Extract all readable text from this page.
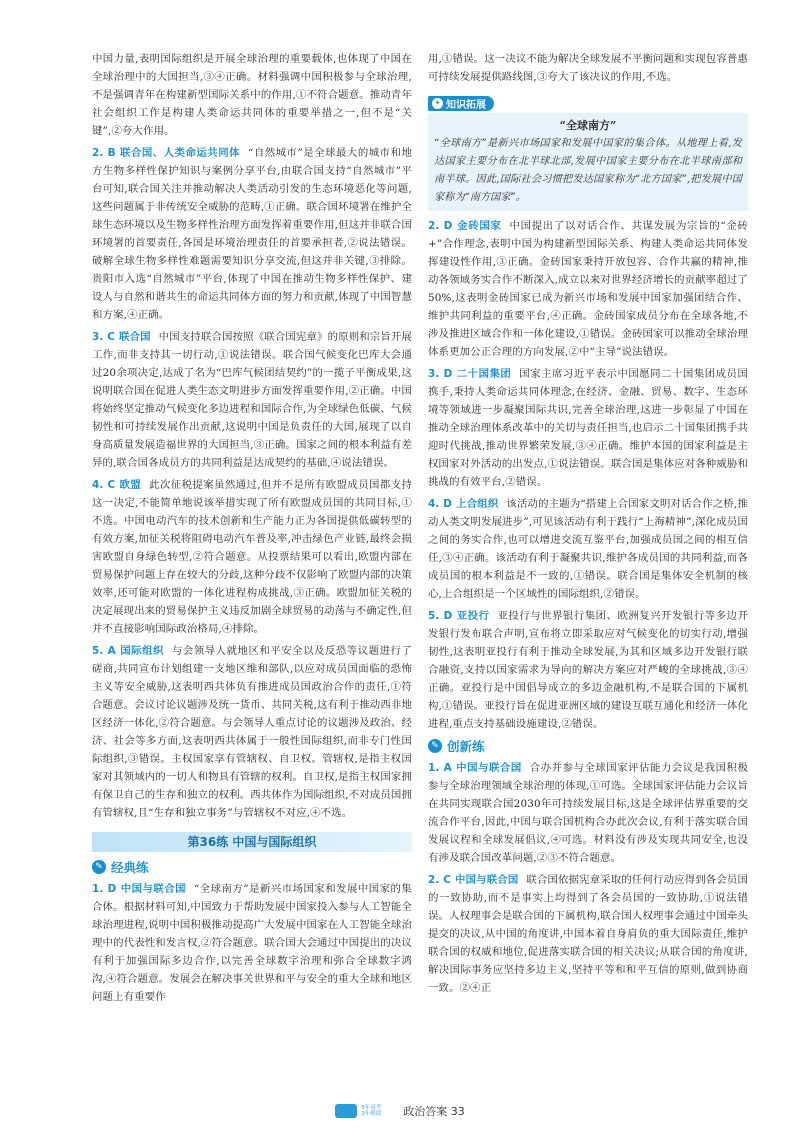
中国力量,表明国际组织是开展全球治理的重要载体,也体现了中国在全球治理中的大国担当,③④正确。材料强调中国积极参与全球治理,不是强调青年在构建新型国际关系中的作用,①不符合题意。推动青年社会组织工作是构建人类命运共同体的重要举措之一,但不是“关键”,②夸大作用。

2. B 联合国、人类命运共同体 “自然城市”是全球最大的城市和地方生物多样性保护知识与案例分享平台,由联合国支持“自然城市”平台可知,联合国关注并推动解决人类活动引发的生态环境恶化等问题,这些问题属于非传统安全威胁的范畴,①正确。联合国环境署在维护全球生态环境以及生物多样性治理方面发挥着重要作用,但这并非联合国环境署的首要责任,各国是环境治理责任的首要承担者,②说法错误。破解全球生物多样性难题需要知识分享交流,但这并非关键,③排除。贵阳市入选“自然城市”平台,体现了中国在推动生物多样性保护、建设人与自然和谐共生的命运共同体方面的努力和贡献,体现了中国智慧和方案,④正确。

3. C 联合国 中国支持联合国按照《联合国宪章》的原则和宗旨开展工作,而非支持其一切行动,①说法错误。联合国气候变化巴库大会通过20余项决定,达成了名为“巴库气候团结契约”的一揽子平衡成果,这说明联合国在促进人类生态文明进步方面发挥重要作用,②正确。中国将始终坚定推动气候变化多边进程和国际合作,为全球绿色低碳、气候韧性和可持续发展作出贡献,这说明中国是负责任的大国,展现了以自身高质量发展造福世界的大国担当,③正确。国家之间的根本利益有差异的,联合国各成员方的共同利益是达成契约的基础,④说法错误。

4. C 欧盟 此次征税提案虽然通过,但并不是所有欧盟成员国都支持这一决定,不能简单地说该举措实现了所有欧盟成员国的共同目标,①不选。中国电动汽车的技术创新和生产能力正为各国提供低碳转型的有效方案,加征关税将阻碍电动汽车普及率,冲击绿色产业链,最终会损害欧盟自身绿色转型,②符合题意。从投票结果可以看出,欧盟内部在贸易保护问题上存在较大的分歧,这种分歧不仅影响了欧盟内部的决策效率,还可能对欧盟的一体化进程构成挑战,③正确。欧盟加征关税的决定展现出来的贸易保护主义违反加剧全球贸易的动荡与不确定性,但并不直接影响国际政治格局,④排除。

5. A 国际组织 与会领导人就地区和平安全以及反恐等议题进行了磋商,共同宣布计划组建一支地区维和部队,以应对成员国面临的恐怖主义等安全威胁,这表明西共体负有推进成员国政治合作的责任,①符合题意。会议讨论议题涉及统一货币、共同关税,这有利于推动西非地区经济一体化,②符合题意。与会领导人重点讨论的议题涉及政治、经济、社会等多方面,这表明西共体属于一般性国际组织,而非专门性国际组织,③错误。主权国家享有管辖权、自卫权。管辖权,是指主权国家对其领域内的一切人和物具有管辖的权利。自卫权,是指主权国家拥有保卫自己的生存和独立的权利。西共体作为国际组织,不对成员国拥有管辖权,且“生存和独立事务”与管辖权不对应,④不选。

第36练 中国与国际组织
✎ 经典练

1. D 中国与联合国 “全球南方”是新兴市场国家和发展中国家的集合体。根据材料可知,中国致力于帮助发展中国家投入参与人工智能全球治理进程,说明中国积极推动提高广大发展中国家在人工智能全球治理中的代表性和发言权,②符合题意。联合国大会通过中国提出的决议有利于加强国际多边合作,以完善全球数字治理和弥合全球数字鸿沟,④符合题意。发展会在解决事关世界和平与安全的重大全球和地区问题上有重要作

用,①错误。这一决议不能为解决全球发展不平衡问题和实现包容普惠可持续发展提供路线图,③夸大了该决议的作用,不选。

✦ 知识拓展
“全球南方”

“全球南方”是新兴市场国家和发展中国家的集合体。从地理上看,发达国家主要分布在北半球北部,发展中国家主要分布在北半球南部和南半球。因此,国际社会习惯把发达国家称为“北方国家”,把发展中国家称为“南方国家”。

2. D 金砖国家 中国提出了以对话合作、共谋发展为宗旨的“金砖+”合作理念,表明中国为构建新型国际关系、构建人类命运共同体发挥建设性作用,③正确。金砖国家秉持开放包容、合作共赢的精神,推动各领域务实合作不断深入,成立以来对世界经济增长的贡献率超过了50%,这表明金砖国家已成为新兴市场和发展中国家加强团结合作、维护共同利益的重要平台,④正确。金砖国家成员分布在全球各地,不涉及推进区域合作和一体化建设,①错误。金砖国家可以推动全球治理体系更加公正合理的方向发展,②中“主导”说法错误。

3. D 二十国集团 国家主席习近平表示中国愿同二十国集团成员国携手,秉持人类命运共同体理念,在经济、金融、贸易、数字、生态环境等领域进一步凝聚国际共识,完善全球治理,这进一步彰显了中国在推动全球治理体系改革中的关切与责任担当,也启示二十国集团携手共迎时代挑战,推动世界繁荣发展,③④正确。维护本国的国家利益是主权国家对外活动的出发点,①说法错误。联合国是集体应对各种威胁和挑战的有效平台,②错误。

4. D 上合组织 该活动的主题为“搭建上合国家文明对话合作之桥,推动人类文明发展进步”,可见该活动有利于践行“上海精神”,深化成员国之间的务实合作,也可以增进交流互鉴平台,加强成员国之间的相互信任,③④正确。该活动有利于凝聚共识,维护各成员国的共同利益,而各成员国的根本利益是不一致的,①错误。联合国是集体安全机制的核心,上合组织是一个区域性的国际组织,②错误。

5. D 亚投行 亚投行与世界银行集团、欧洲复兴开发银行等多边开发银行发布联合声明,宣布将立即采取应对气候变化的切实行动,增强韧性,这表明亚投行有利于推动全球发展,为其和区域多边开发银行联合融资,支持以国家需求为导向的解决方案应对严峻的全球挑战,③④正确。亚投行是中国倡导成立的多边金融机构,不是联合国的下属机构,①错误。亚投行旨在促进亚洲区域的建设互联互通化和经济一体化进程,重点支持基础设施建设,②错误。

✎ 创新练

1. A 中国与联合国 合办并参与全球国家评估能力会议是我国积极参与全球治理领域全球治理的体现,①可选。全球国家评估能力会议旨在共同实现联合国2030年可持续发展目标,这是全球评估界重要的交流合作平台,因此,中国与联合国机构合办此次会议,有利于落实联合国发展议程和全球发展倡议,④可选。材料没有涉及实现共同安全,也没有涉及联合国改革问题,②③不符合题意。

2. C 中国与联合国 联合国依据宪章采取的任何行动应得到各会员国的一致协助,而不是事实上均得到了各会员国的一致协助,①说法错误。人权理事会是联合国的下属机构,联合国人权理事会通过中国牵头提交的决议,从中国的角度讲,中国本着自身肩负的重大国际责任,维护联合国的权威和地位,促进落实联合国的相关决议;从联合国的角度讲,解决国际事务应坚持多边主义,坚持平等和和平互信的原则,做到协商一致。②④正

5年高考
3年模拟	政治答案 33
